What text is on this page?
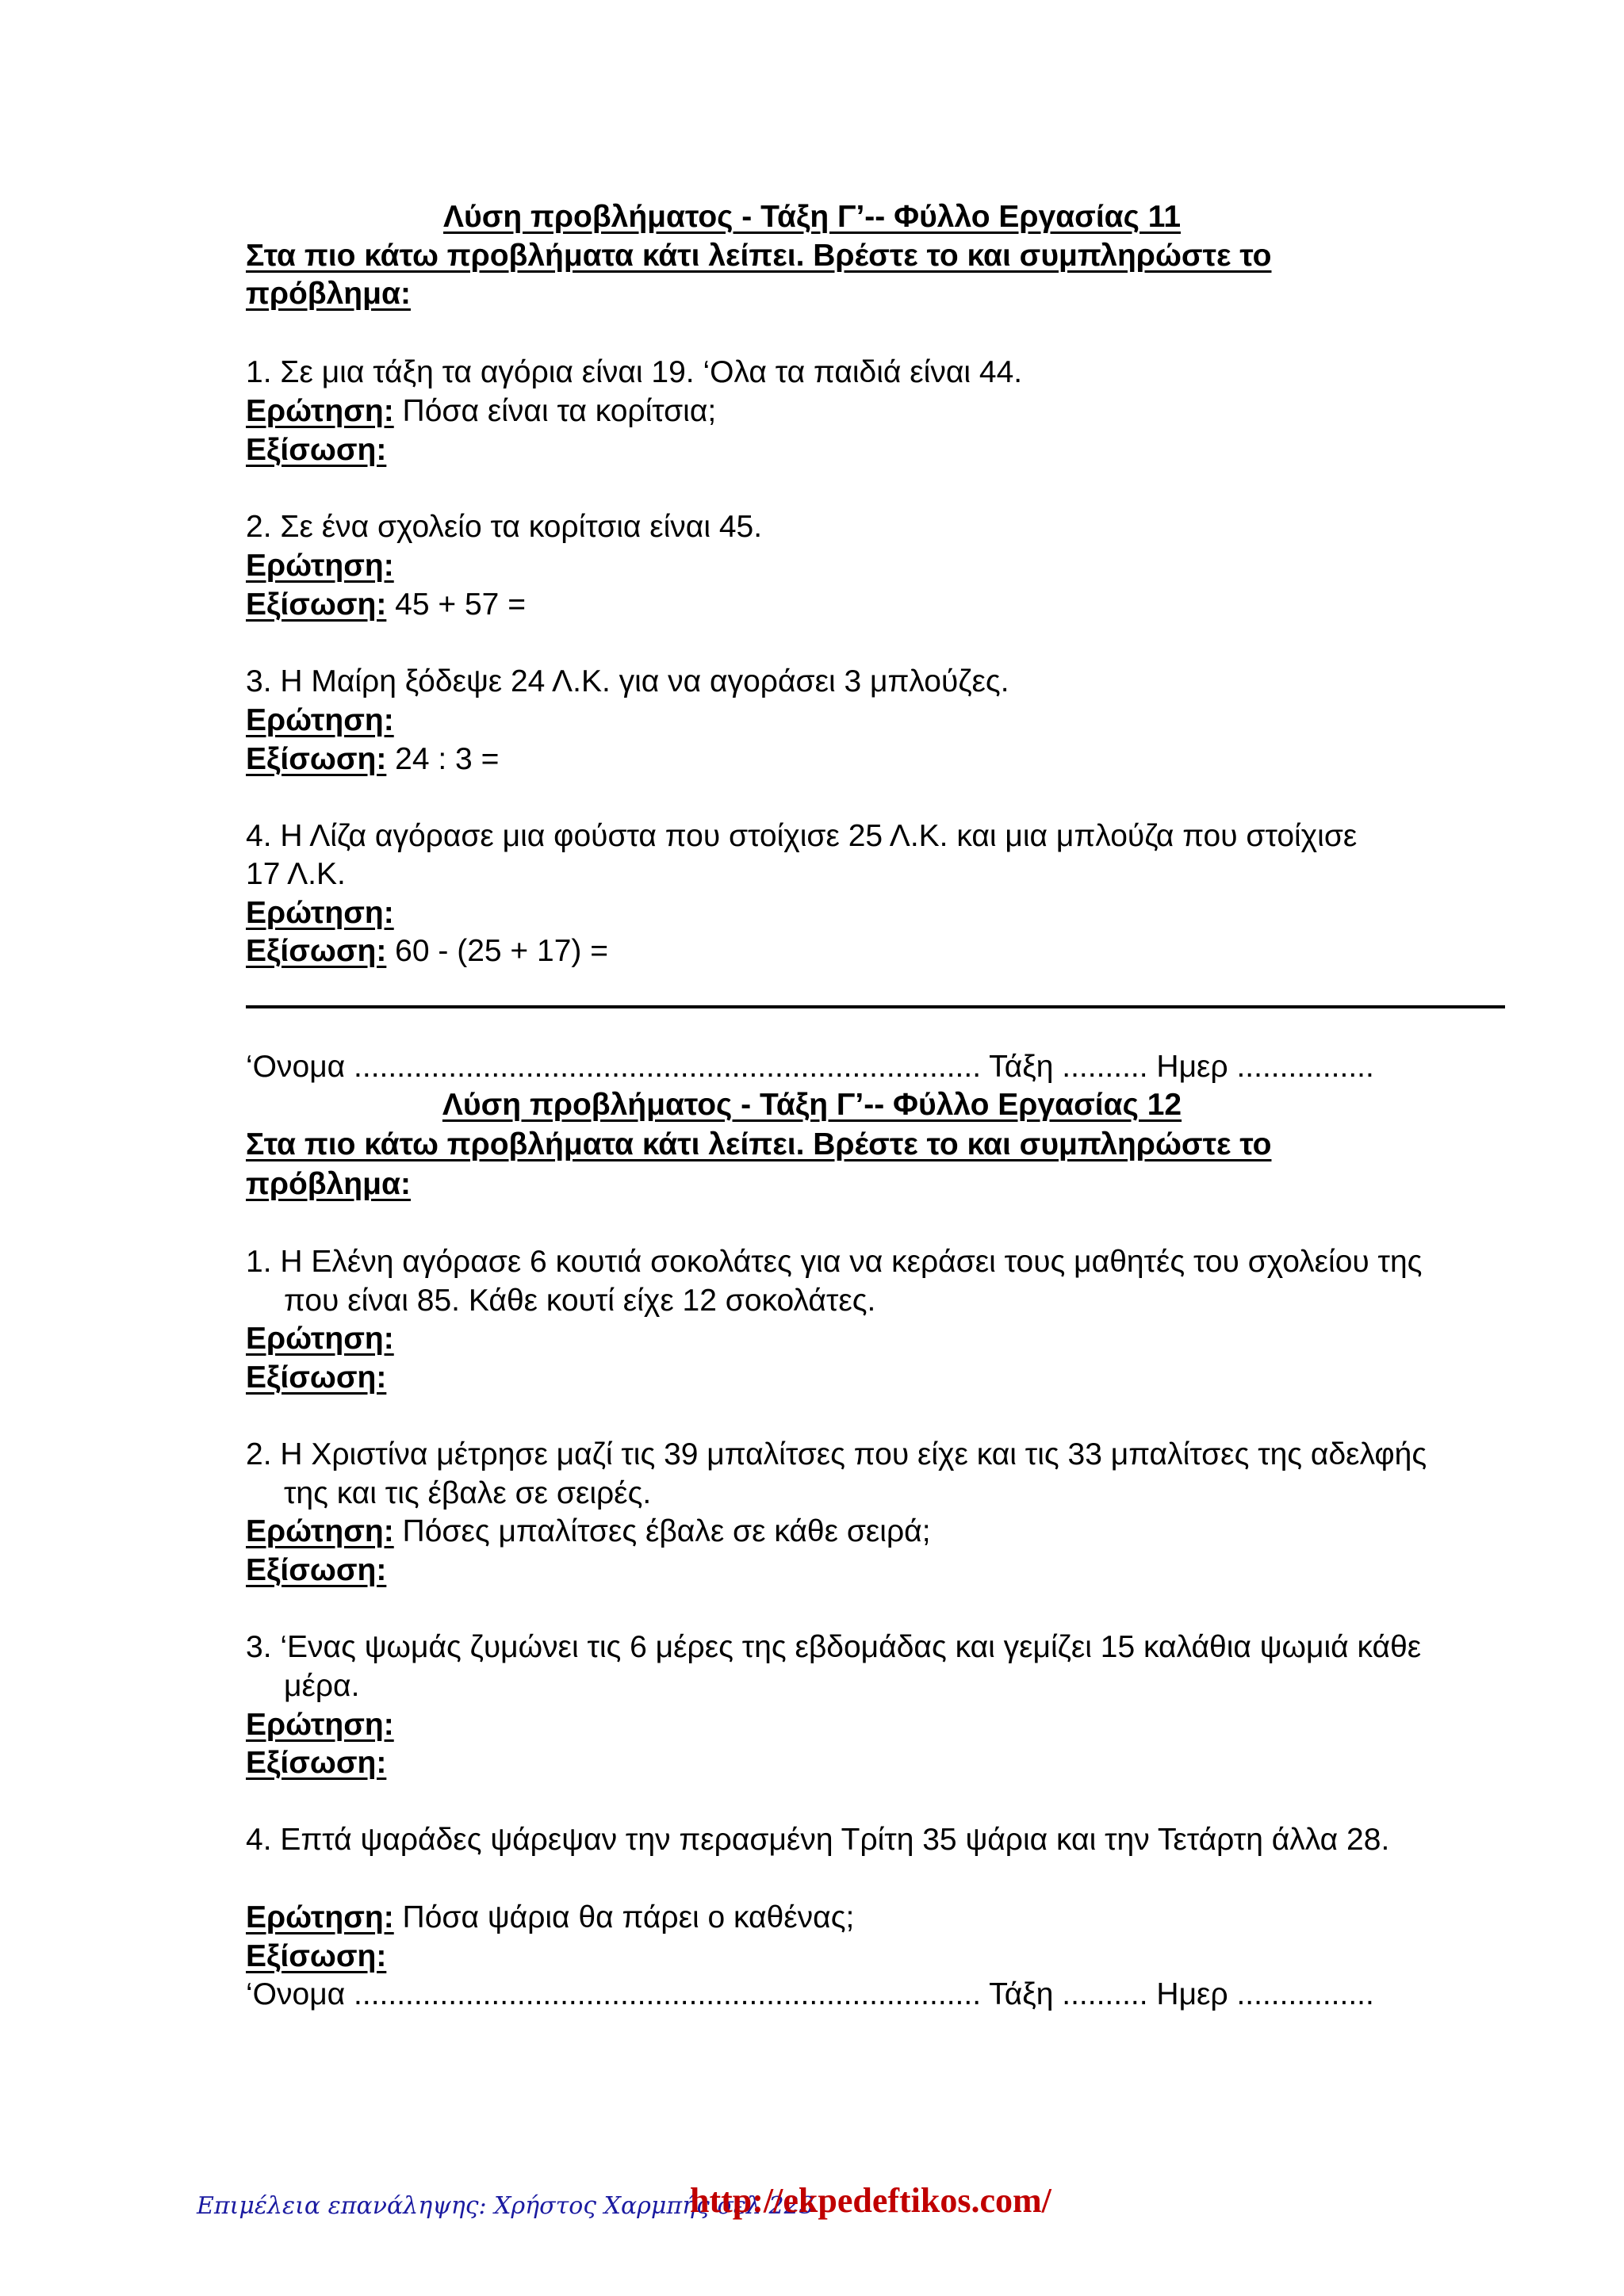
Λύση προβλήματος - Τάξη Γ’-- Φύλλο Εργασίας 11
Στα πιο κάτω προβλήματα κάτι λείπει. Βρέστε το και συμπληρώστε το
πρόβλημα:
1. Σε μια τάξη τα αγόρια είναι 19. ‘Ολα τα παιδιά είναι 44.
Ερώτηση: Πόσα είναι τα κορίτσια;
Εξίσωση:
2. Σε ένα σχολείο τα κορίτσια είναι 45.
Ερώτηση:
Εξίσωση: 45 + 57 =
3. Η Μαίρη ξόδεψε 24 Λ.Κ. για να αγοράσει 3 μπλούζες.
Ερώτηση:
Εξίσωση: 24 : 3 =
4. Η Λίζα αγόρασε μια φούστα που στοίχισε 25 Λ.Κ. και μια μπλούζα που στοίχισε
17 Λ.Κ.
Ερώτηση:
Εξίσωση: 60 - (25 + 17) =
‘Ονομα ......................................................................... Τάξη .......... Ημερ ................
Λύση προβλήματος - Τάξη Γ’-- Φύλλο Εργασίας 12
Στα πιο κάτω προβλήματα κάτι λείπει. Βρέστε το και συμπληρώστε το
πρόβλημα:
1. Η Ελένη αγόρασε 6 κουτιά σοκολάτες για να κεράσει τους μαθητές του σχολείου της
που είναι 85. Κάθε κουτί είχε 12 σοκολάτες.
Ερώτηση:
Εξίσωση:
2. Η Χριστίνα μέτρησε μαζί τις 39 μπαλίτσες που είχε και τις 33 μπαλίτσες της αδελφής
της και τις έβαλε σε σειρές.
Ερώτηση: Πόσες μπαλίτσες έβαλε σε κάθε σειρά;
Εξίσωση:
3. ‘Ενας ψωμάς ζυμώνει τις 6 μέρες της εβδομάδας και γεμίζει 15 καλάθια ψωμιά κάθε
μέρα.
Ερώτηση:
Εξίσωση:
4. Επτά ψαράδες ψάρεψαν την περασμένη Τρίτη 35 ψάρια και την Τετάρτη άλλα 28.
Ερώτηση: Πόσα ψάρια θα πάρει ο καθένας;
Εξίσωση:
‘Ονομα ......................................................................... Τάξη .......... Ημερ ................
Επιμέλεια επανάληψης: Χρήστος Χαρμπής σελ 223
http://ekpedeftikos.com/
